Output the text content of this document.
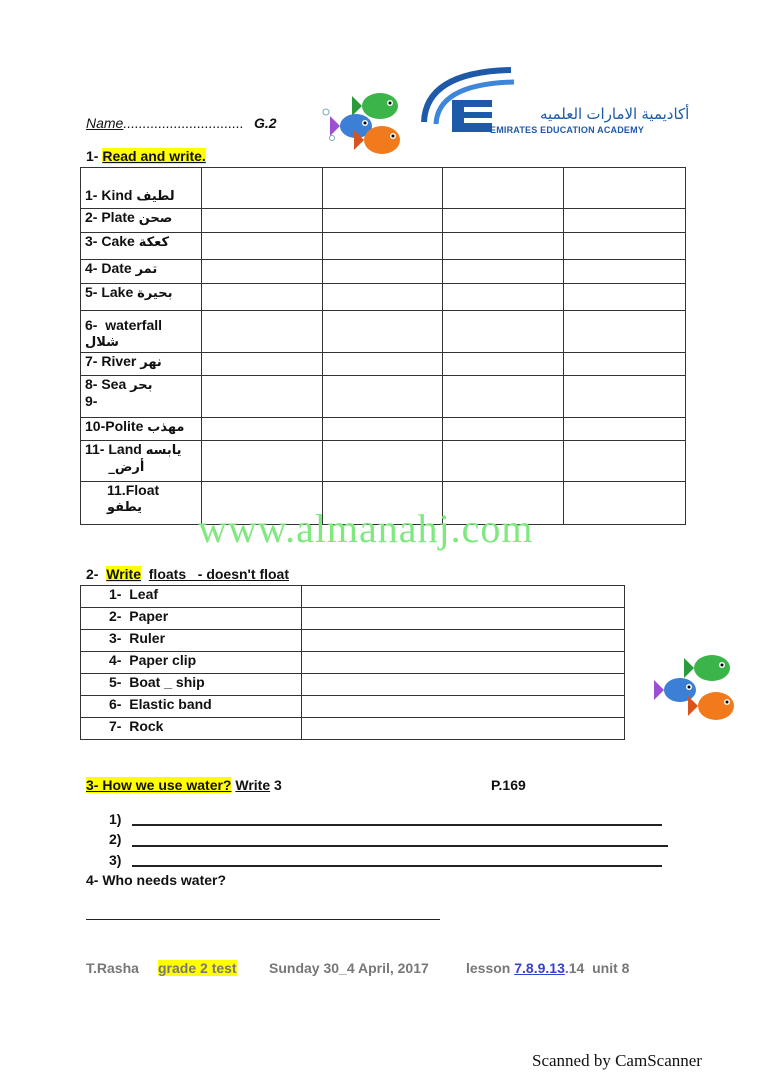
Name............................... G.2	أكاديمية الامارات العلميه
EMIRATES EDUCATION ACADEMY
1- Read and write.
1- Kind لطيف				
2- Plate صحن				
3- Cake كعكة				
4- Date تمر				
5- Lake بحيرة				
6- waterfall
شلال				
7- River نهر				
8- Sea بحر
9-				
10-Polite مهذب				
11- Land يابسه
_أرض				
11.Float يطفو				www.almanahj.com
2- Write floats _- doesn't float
1- Leaf	
2- Paper	
3- Ruler	
4- Paper clip	
5- Boat _ ship	
6- Elastic band	
7- Rock	
3- How we use water? Write 3	P.169
1)
2)
3)
4- Who needs water?
T.Rasha grade 2 test Sunday 30_4 April, 2017	lesson 7.8.9.13.14 unit 8
Scanned by CamScanner
